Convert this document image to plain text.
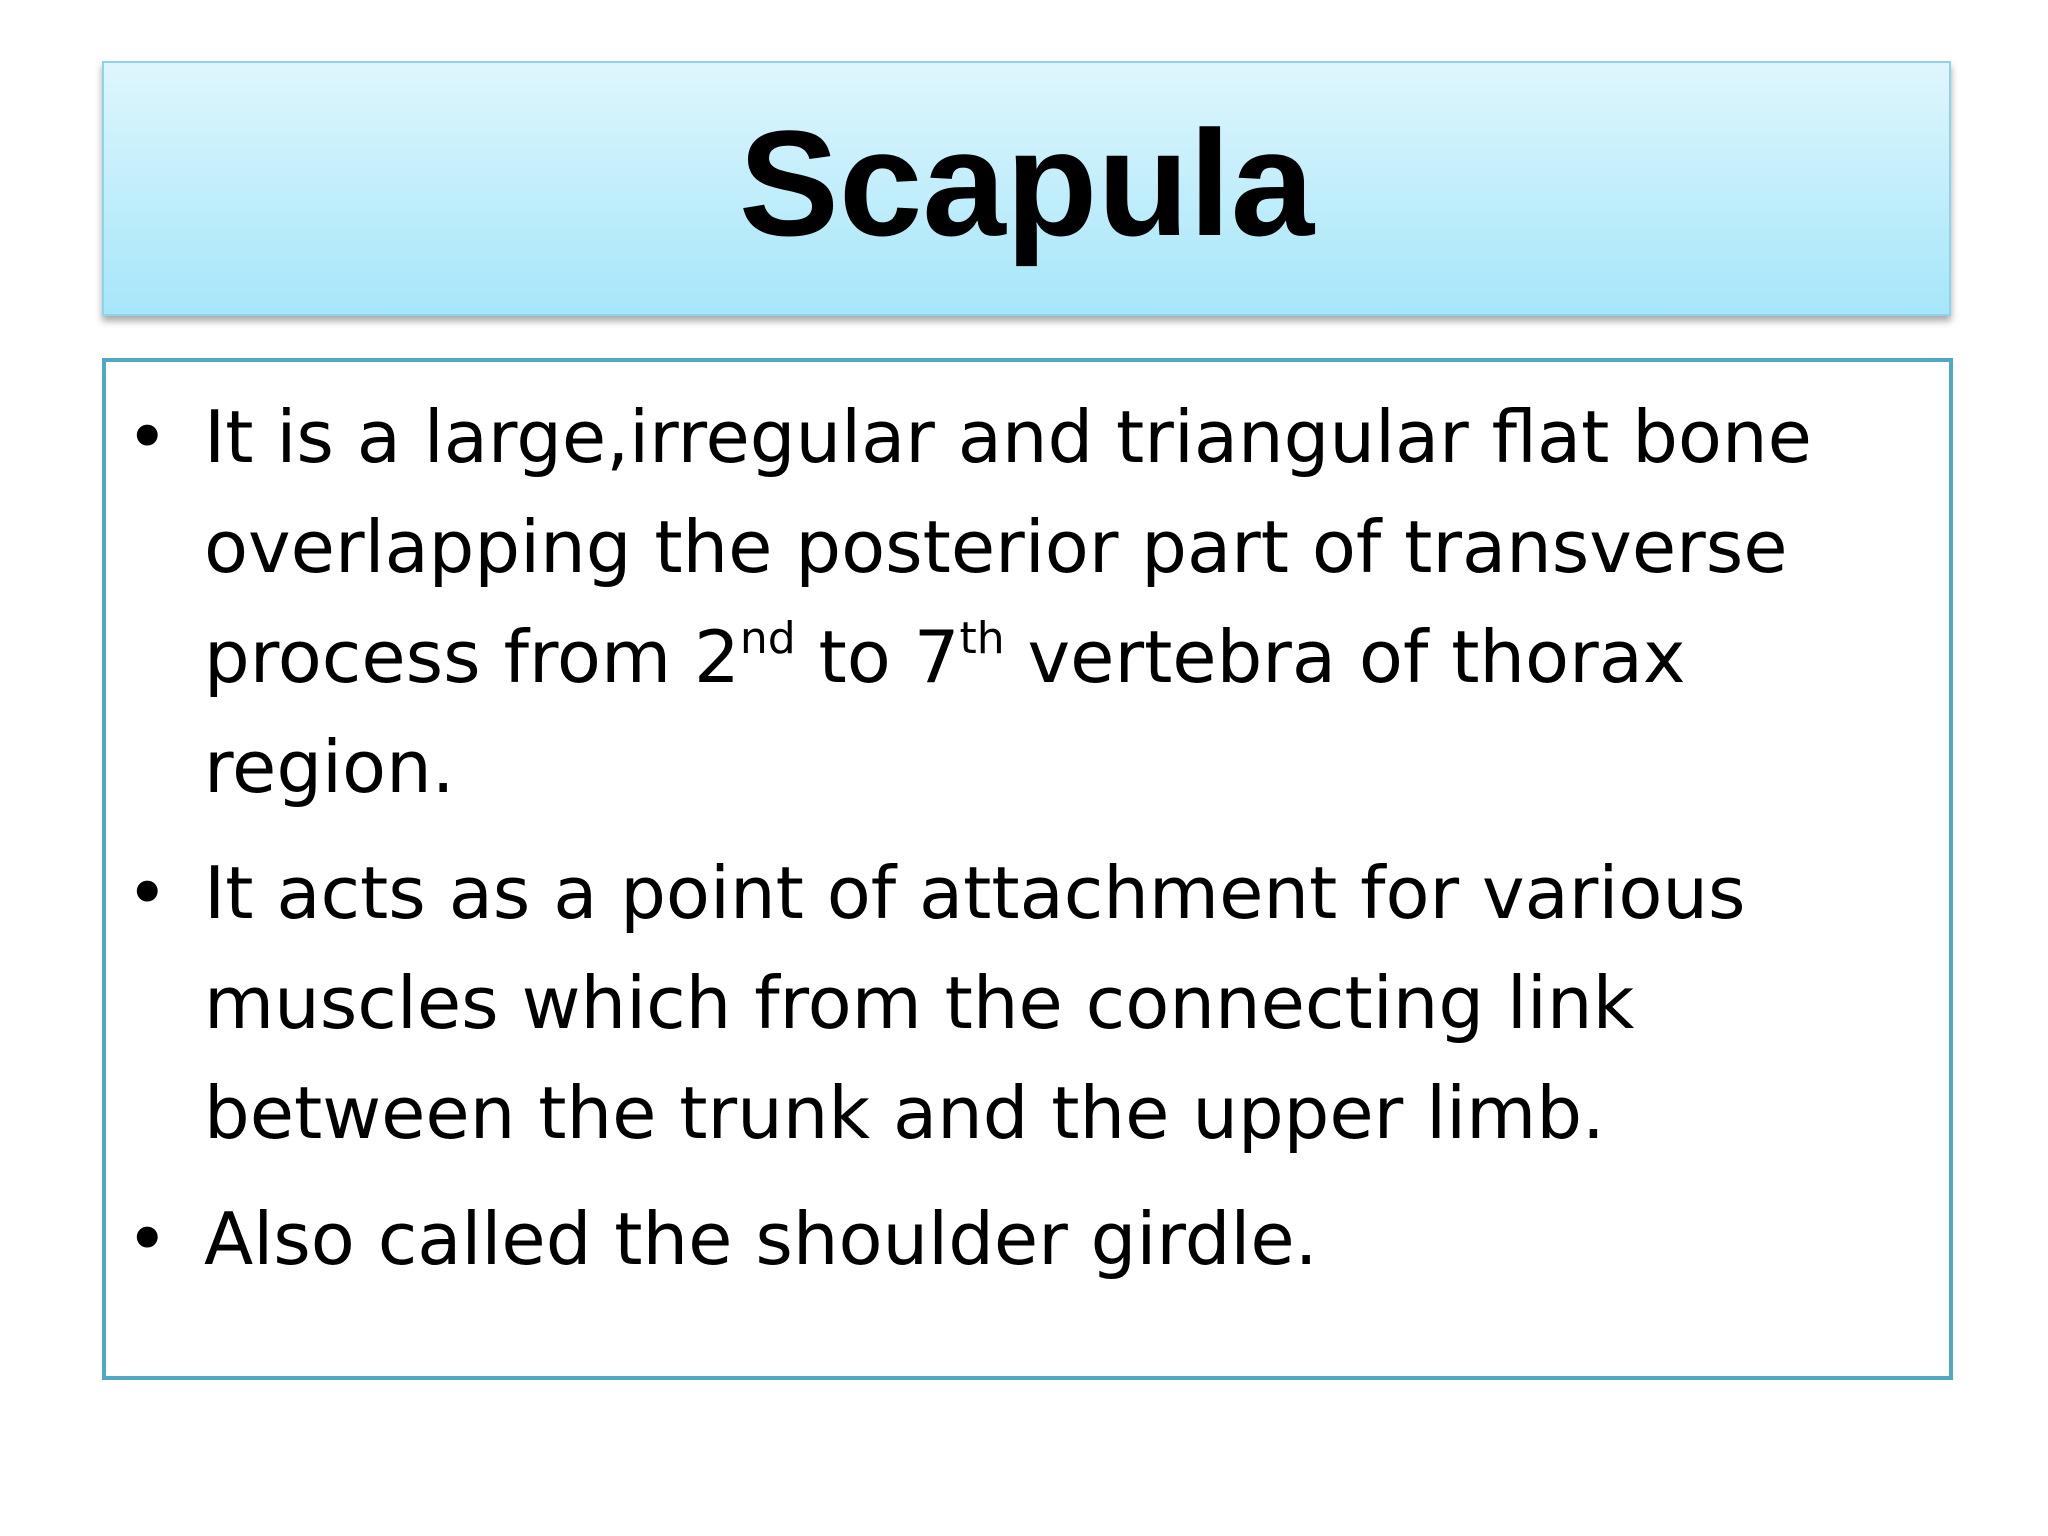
Scapula
• It is a large,irregular and triangular flat bone overlapping the posterior part of transverse process from 2nd to 7th vertebra of thorax region.
• It acts as a point of attachment for various muscles which from the connecting link between the trunk and the upper limb.
• Also called the shoulder girdle.
